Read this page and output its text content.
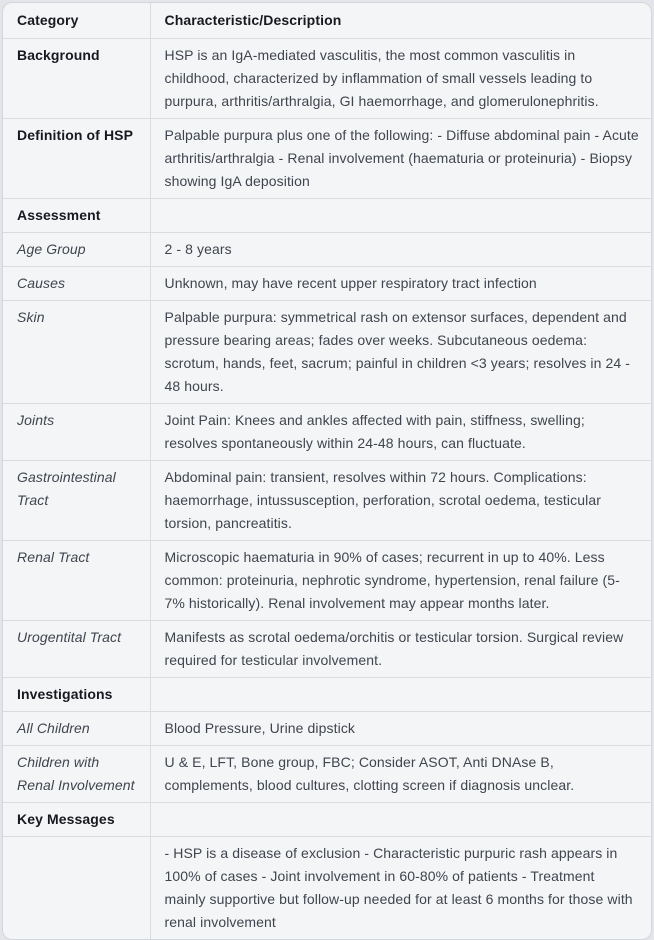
Category	Characteristic/Description
Background	HSP is an IgA-mediated vasculitis, the most common vasculitis in childhood, characterized by inflammation of small vessels leading to purpura, arthritis/arthralgia, GI haemorrhage, and glomerulonephritis.
Definition of HSP	Palpable purpura plus one of the following: - Diffuse abdominal pain - Acute arthritis/arthralgia - Renal involvement (haematuria or proteinuria) - Biopsy showing IgA deposition
Assessment	
Age Group	2 - 8 years
Causes	Unknown, may have recent upper respiratory tract infection
Skin	Palpable purpura: symmetrical rash on extensor surfaces, dependent and pressure bearing areas; fades over weeks. Subcutaneous oedema: scrotum, hands, feet, sacrum; painful in children <3 years; resolves in 24 - 48 hours.
Joints	Joint Pain: Knees and ankles affected with pain, stiffness, swelling; resolves spontaneously within 24-48 hours, can fluctuate.
Gastrointestinal Tract	Abdominal pain: transient, resolves within 72 hours. Complications: haemorrhage, intussusception, perforation, scrotal oedema, testicular torsion, pancreatitis.
Renal Tract	Microscopic haematuria in 90% of cases; recurrent in up to 40%. Less common: proteinuria, nephrotic syndrome, hypertension, renal failure (5-7% historically). Renal involvement may appear months later.
Urogentital Tract	Manifests as scrotal oedema/orchitis or testicular torsion. Surgical review required for testicular involvement.
Investigations	
All Children	Blood Pressure, Urine dipstick
Children with Renal Involvement	U & E, LFT, Bone group, FBC; Consider ASOT, Anti DNAse B, complements, blood cultures, clotting screen if diagnosis unclear.
Key Messages	
	- HSP is a disease of exclusion - Characteristic purpuric rash appears in 100% of cases - Joint involvement in 60-80% of patients - Treatment mainly supportive but follow-up needed for at least 6 months for those with renal involvement
